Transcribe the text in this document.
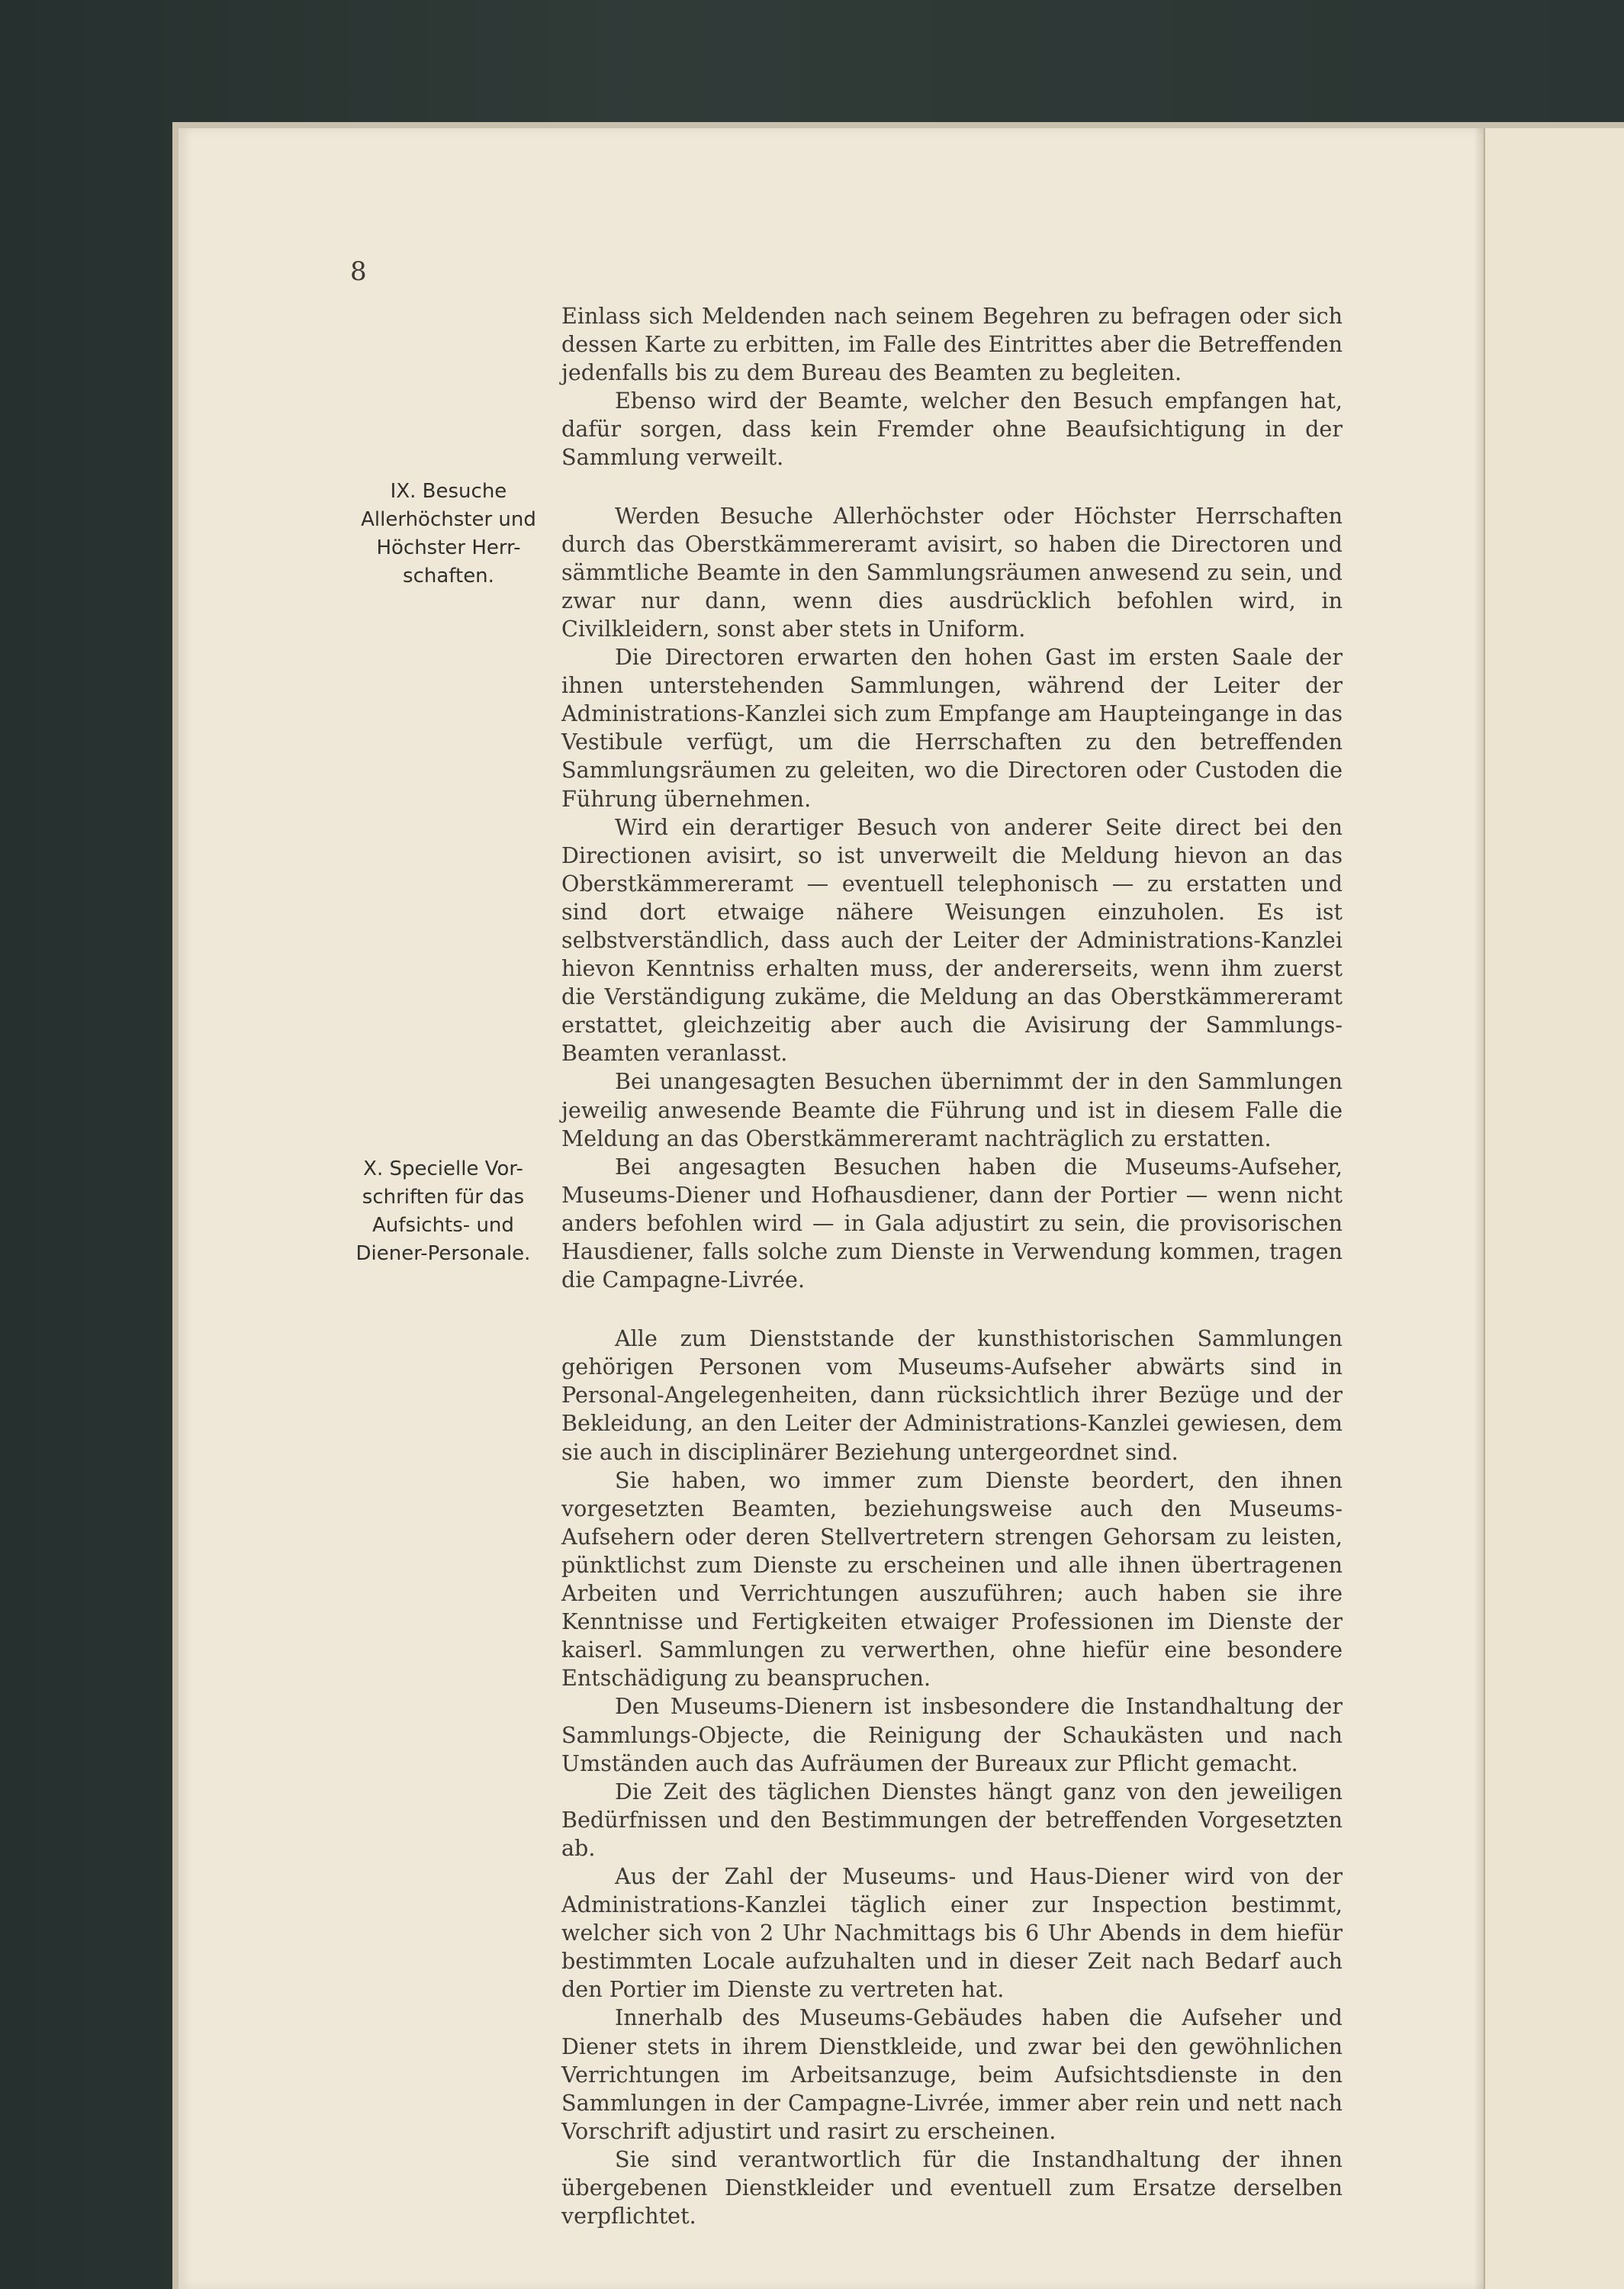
8
IX. Besuche
Allerhöchster und
Höchster Herr-
schaften.
X. Specielle Vor-
schriften für das
Aufsichts- und
Diener-Personale.

Einlass sich Meldenden nach seinem Begehren zu befragen oder sich dessen Karte zu erbitten, im Falle des Eintrittes aber die Betreffenden jedenfalls bis zu dem Bureau des Beamten zu begleiten.

Ebenso wird der Beamte, welcher den Besuch empfangen hat, dafür sorgen, dass kein Fremder ohne Beaufsichtigung in der Sammlung verweilt.

Werden Besuche Allerhöchster oder Höchster Herrschaften durch das Oberstkämmereramt avisirt, so haben die Directoren und sämmtliche Beamte in den Sammlungsräumen anwesend zu sein, und zwar nur dann, wenn dies ausdrücklich befohlen wird, in Civilkleidern, sonst aber stets in Uniform.

Die Directoren erwarten den hohen Gast im ersten Saale der ihnen unterstehenden Sammlungen, während der Leiter der Administrations-Kanzlei sich zum Empfange am Haupteingange in das Vestibule verfügt, um die Herrschaften zu den betreffenden Sammlungsräumen zu geleiten, wo die Directoren oder Custoden die Führung übernehmen.

Wird ein derartiger Besuch von anderer Seite direct bei den Directionen avisirt, so ist unverweilt die Meldung hievon an das Oberstkämmereramt — eventuell telephonisch — zu erstatten und sind dort etwaige nähere Weisungen einzuholen. Es ist selbstverständlich, dass auch der Leiter der Administrations-Kanzlei hievon Kenntniss erhalten muss, der andererseits, wenn ihm zuerst die Verständigung zukäme, die Meldung an das Oberstkämmereramt erstattet, gleichzeitig aber auch die Avisirung der Sammlungs-Beamten veranlasst.

Bei unangesagten Besuchen übernimmt der in den Sammlungen jeweilig anwesende Beamte die Führung und ist in diesem Falle die Meldung an das Oberstkämmereramt nachträglich zu erstatten.

Bei angesagten Besuchen haben die Museums-Aufseher, Museums-Diener und Hofhausdiener, dann der Portier — wenn nicht anders befohlen wird — in Gala adjustirt zu sein, die provisorischen Hausdiener, falls solche zum Dienste in Verwendung kommen, tragen die Campagne-Livrée.

Alle zum Dienststande der kunsthistorischen Sammlungen gehörigen Personen vom Museums-Aufseher abwärts sind in Personal-Angelegenheiten, dann rücksichtlich ihrer Bezüge und der Bekleidung, an den Leiter der Administrations-Kanzlei gewiesen, dem sie auch in disciplinärer Beziehung untergeordnet sind.

Sie haben, wo immer zum Dienste beordert, den ihnen vorgesetzten Beamten, beziehungsweise auch den Museums-Aufsehern oder deren Stellvertretern strengen Gehorsam zu leisten, pünktlichst zum Dienste zu erscheinen und alle ihnen übertragenen Arbeiten und Verrichtungen auszuführen; auch haben sie ihre Kenntnisse und Fertigkeiten etwaiger Professionen im Dienste der kaiserl. Sammlungen zu verwerthen, ohne hiefür eine besondere Entschädigung zu beanspruchen.

Den Museums-Dienern ist insbesondere die Instandhaltung der Sammlungs-Objecte, die Reinigung der Schaukästen und nach Umständen auch das Aufräumen der Bureaux zur Pflicht gemacht.

Die Zeit des täglichen Dienstes hängt ganz von den jeweiligen Bedürfnissen und den Bestimmungen der betreffenden Vorgesetzten ab.

Aus der Zahl der Museums- und Haus-Diener wird von der Administrations-Kanzlei täglich einer zur Inspection bestimmt, welcher sich von 2 Uhr Nachmittags bis 6 Uhr Abends in dem hiefür bestimmten Locale aufzuhalten und in dieser Zeit nach Bedarf auch den Portier im Dienste zu vertreten hat.

Innerhalb des Museums-Gebäudes haben die Aufseher und Diener stets in ihrem Dienstkleide, und zwar bei den gewöhnlichen Verrichtungen im Arbeitsanzuge, beim Aufsichtsdienste in den Sammlungen in der Campagne-Livrée, immer aber rein und nett nach Vorschrift adjustirt und rasirt zu erscheinen.

Sie sind verantwortlich für die Instandhaltung der ihnen übergebenen Dienstkleider und eventuell zum Ersatze derselben verpflichtet.
